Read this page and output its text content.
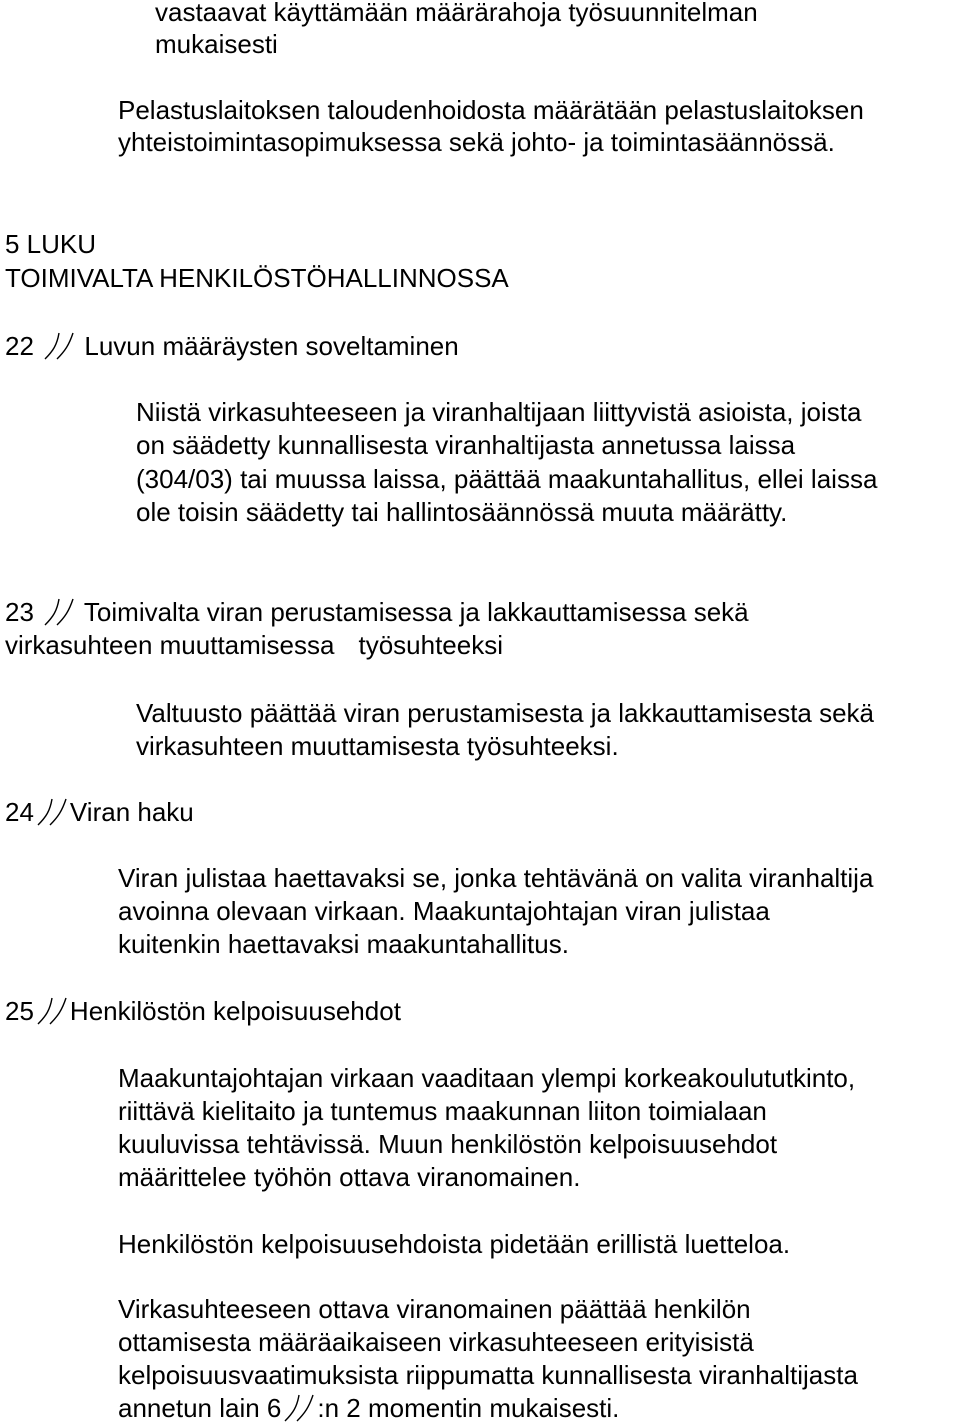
vastaavat käyttämään määrärahoja työsuunnitelman
mukaisesti
Pelastuslaitoksen taloudenhoidosta määrätään pelastuslaitoksen
yhteistoimintasopimuksessa sekä johto- ja toimintasäännössä.
5 LUKU
TOIMIVALTA HENKILÖSTÖHALLINNOSSA
22 Luvun määräysten soveltaminen
Niistä virkasuhteeseen ja viranhaltijaan liittyvistä asioista, joista
on säädetty kunnallisesta viranhaltijasta annetussa laissa
(304/03) tai muussa laissa, päättää maakuntahallitus, ellei laissa
ole toisin säädetty tai hallintosäännössä muuta määrätty.
23 Toimivalta viran perustamisessa ja lakkauttamisessa sekä
virkasuhteen muuttamisessa työsuhteeksi
Valtuusto päättää viran perustamisesta ja lakkauttamisesta sekä
virkasuhteen muuttamisesta työsuhteeksi.
24 Viran haku
Viran julistaa haettavaksi se, jonka tehtävänä on valita viranhaltija
avoinna olevaan virkaan. Maakuntajohtajan viran julistaa
kuitenkin haettavaksi maakuntahallitus.
25 Henkilöstön kelpoisuusehdot
Maakuntajohtajan virkaan vaaditaan ylempi korkeakoulututkinto,
riittävä kielitaito ja tuntemus maakunnan liiton toimialaan
kuuluvissa tehtävissä. Muun henkilöstön kelpoisuusehdot
määrittelee työhön ottava viranomainen.
Henkilöstön kelpoisuusehdoista pidetään erillistä luetteloa.
Virkasuhteeseen ottava viranomainen päättää henkilön
ottamisesta määräaikaiseen virkasuhteeseen erityisistä
kelpoisuusvaatimuksista riippumatta kunnallisesta viranhaltijasta
annetun lain 6 :n 2 momentin mukaisesti.
